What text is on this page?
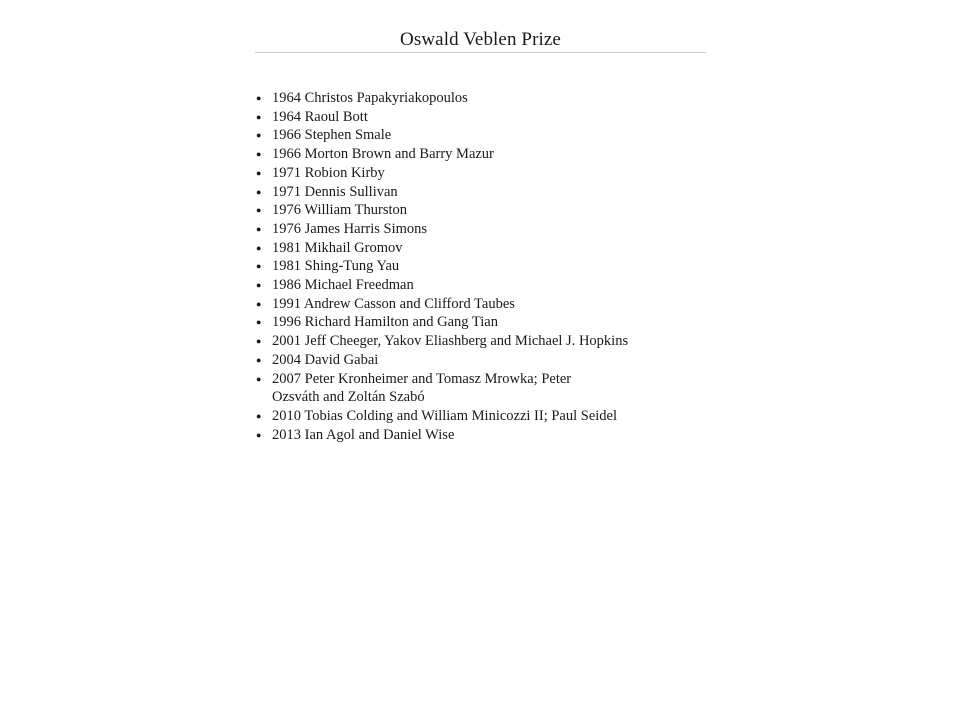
Oswald Veblen Prize
● 1964 Christos Papakyriakopoulos
● 1964 Raoul Bott
● 1966 Stephen Smale
● 1966 Morton Brown and Barry Mazur
● 1971 Robion Kirby
● 1971 Dennis Sullivan
● 1976 William Thurston
● 1976 James Harris Simons
● 1981 Mikhail Gromov
● 1981 Shing-Tung Yau
● 1986 Michael Freedman
● 1991 Andrew Casson and Clifford Taubes
● 1996 Richard Hamilton and Gang Tian
● 2001 Jeff Cheeger, Yakov Eliashberg and Michael J. Hopkins
● 2004 David Gabai
● 2007 Peter Kronheimer and Tomasz Mrowka; Peter Ozsváth and Zoltán Szabó
● 2010 Tobias Colding and William Minicozzi II; Paul Seidel
● 2013 Ian Agol and Daniel Wise
